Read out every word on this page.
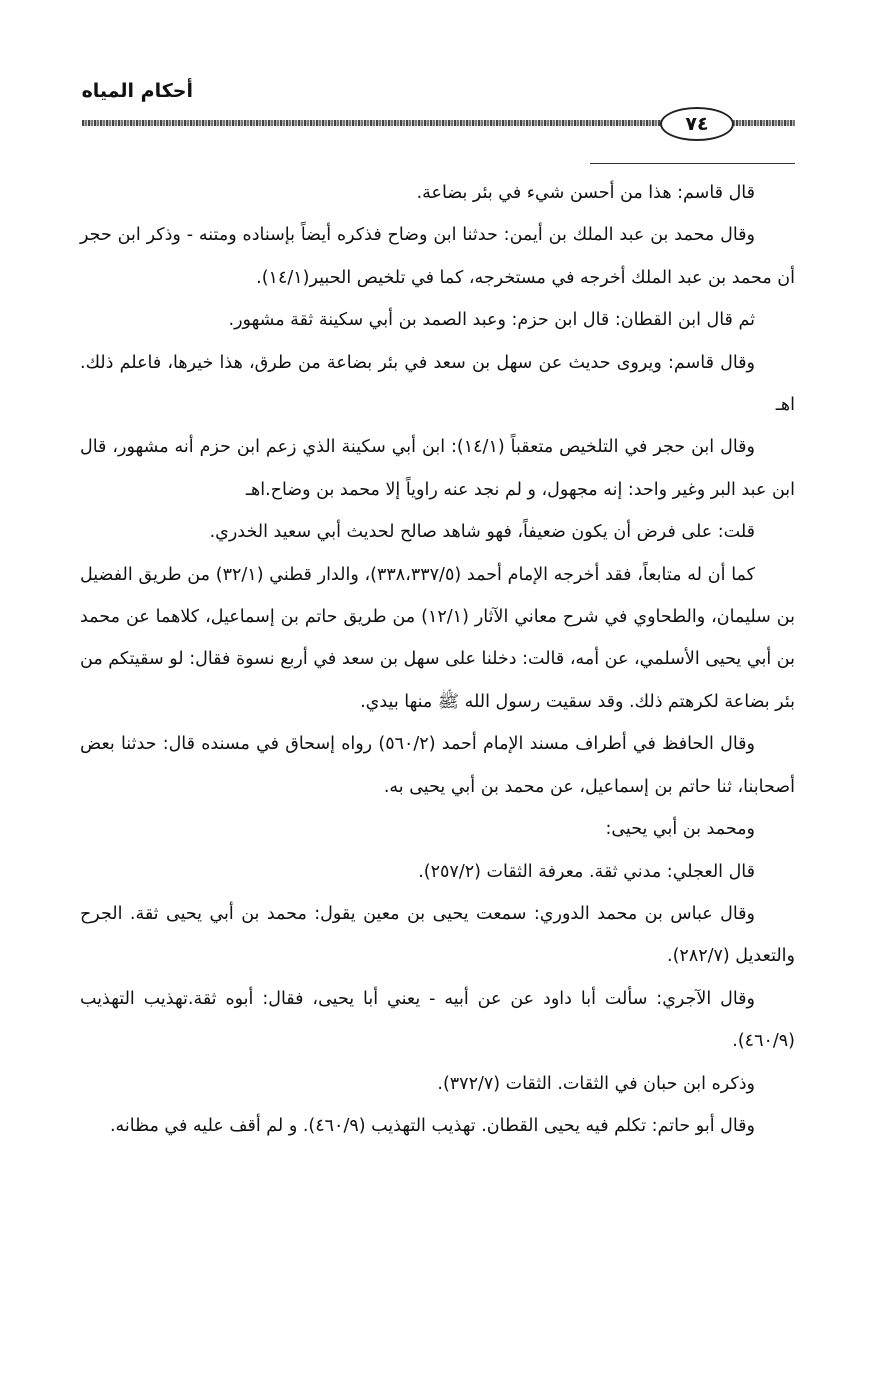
أحكام المياه
٧٤

قال قاسم: هذا من أحسن شيء في بئر بضاعة.

وقال محمد بن عبد الملك بن أيمن: حدثنا ابن وضاح فذكره أيضاً بإسناده ومتنه - وذكر ابن حجر أن محمد بن عبد الملك أخرجه في مستخرجه، كما في تلخيص الحبير(١٤/١).

ثم قال ابن القطان: قال ابن حزم: وعبد الصمد بن أبي سكينة ثقة مشهور.

وقال قاسم: ويروى حديث عن سهل بن سعد في بئر بضاعة من طرق، هذا خيرها، فاعلم ذلك. اهـ

وقال ابن حجر في التلخيص متعقباً (١٤/١): ابن أبي سكينة الذي زعم ابن حزم أنه مشهور، قال ابن عبد البر وغير واحد: إنه مجهول، و لم نجد عنه راوياً إلا محمد بن وضاح.اهـ

قلت: على فرض أن يكون ضعيفاً، فهو شاهد صالح لحديث أبي سعيد الخدري.

كما أن له متابعاً، فقد أخرجه الإمام أحمد (٣٣٨،٣٣٧/٥)، والدار قطني (٣٢/١) من طريق الفضيل بن سليمان، والطحاوي في شرح معاني الآثار (١٢/١) من طريق حاتم بن إسماعيل، كلاهما عن محمد بن أبي يحيى الأسلمي، عن أمه، قالت: دخلنا على سهل بن سعد في أربع نسوة فقال: لو سقيتكم من بئر بضاعة لكرهتم ذلك. وقد سقيت رسول الله ﷺ منها بيدي.

وقال الحافظ في أطراف مسند الإمام أحمد (٥٦٠/٢) رواه إسحاق في مسنده قال: حدثنا بعض أصحابنا، ثنا حاتم بن إسماعيل، عن محمد بن أبي يحيى به.

ومحمد بن أبي يحيى:

قال العجلي: مدني ثقة. معرفة الثقات (٢٥٧/٢).

وقال عباس بن محمد الدوري: سمعت يحيى بن معين يقول: محمد بن أبي يحيى ثقة. الجرح والتعديل (٢٨٢/٧).

وقال الآجري: سألت أبا داود عن عن أبيه - يعني أبا يحيى، فقال: أبوه ثقة.تهذيب التهذيب (٤٦٠/٩).

وذكره ابن حبان في الثقات. الثقات (٣٧٢/٧).

وقال أبو حاتم: تكلم فيه يحيى القطان. تهذيب التهذيب (٤٦٠/٩). و لم أقف عليه في مظانه.
